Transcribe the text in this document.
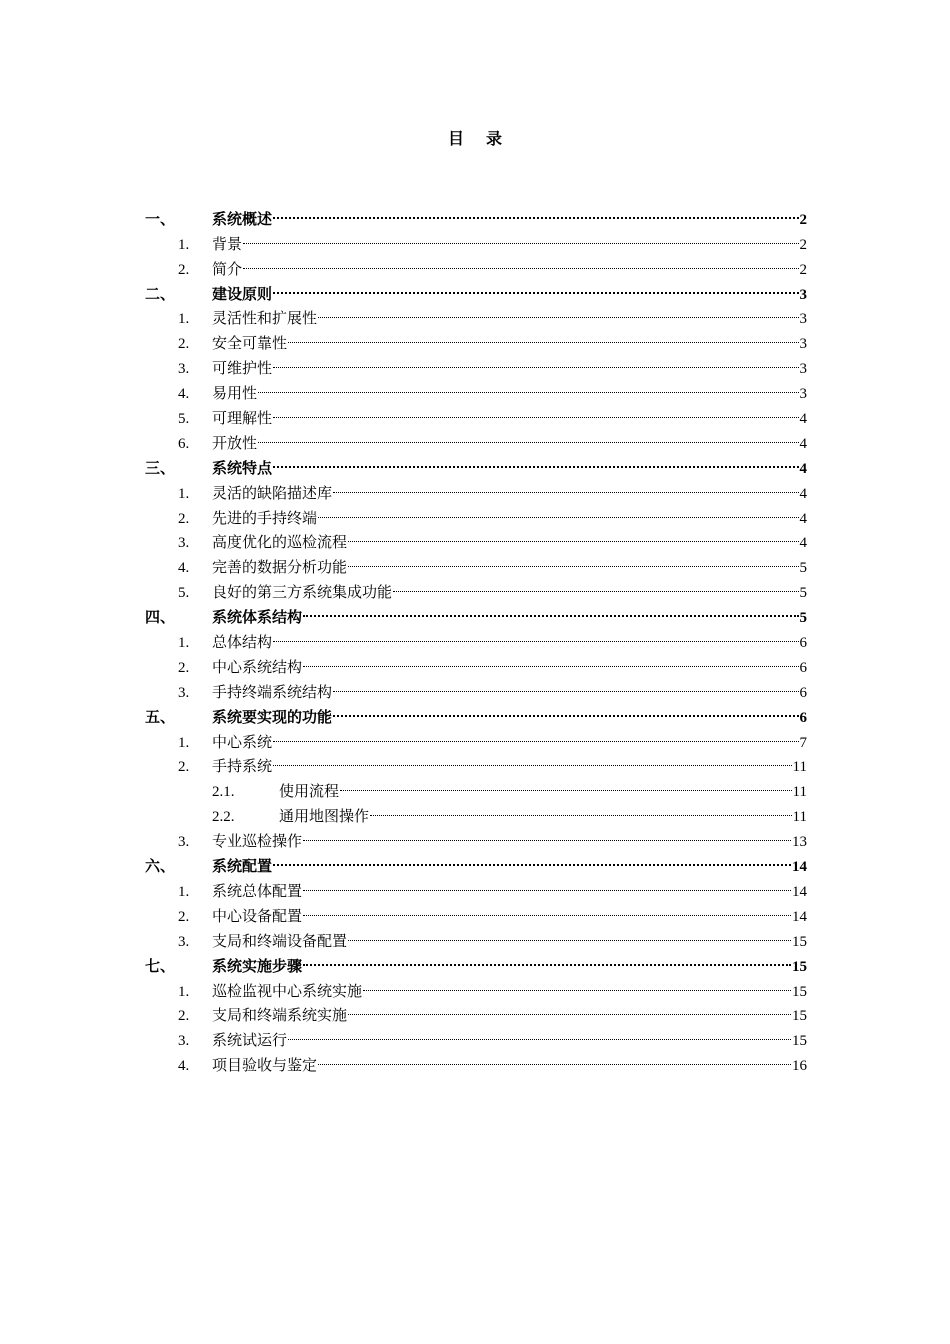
目录
一、	系统概述	2
1.	背景	2
2.	简介	2
二、	建设原则	3
1.	灵活性和扩展性	3
2.	安全可靠性	3
3.	可维护性	3
4.	易用性	3
5.	可理解性	4
6.	开放性	4
三、	系统特点	4
1.	灵活的缺陷描述库	4
2.	先进的手持终端	4
3.	高度优化的巡检流程	4
4.	完善的数据分析功能	5
5.	良好的第三方系统集成功能	5
四、	系统体系结构	5
1.	总体结构	6
2.	中心系统结构	6
3.	手持终端系统结构	6
五、	系统要实现的功能	6
1.	中心系统	7
2.	手持系统	11
2.1.	使用流程	11
2.2.	通用地图操作	11
3.	专业巡检操作	13
六、	系统配置	14
1.	系统总体配置	14
2.	中心设备配置	14
3.	支局和终端设备配置	15
七、	系统实施步骤	15
1.	巡检监视中心系统实施	15
2.	支局和终端系统实施	15
3.	系统试运行	15
4.	项目验收与鉴定	16
